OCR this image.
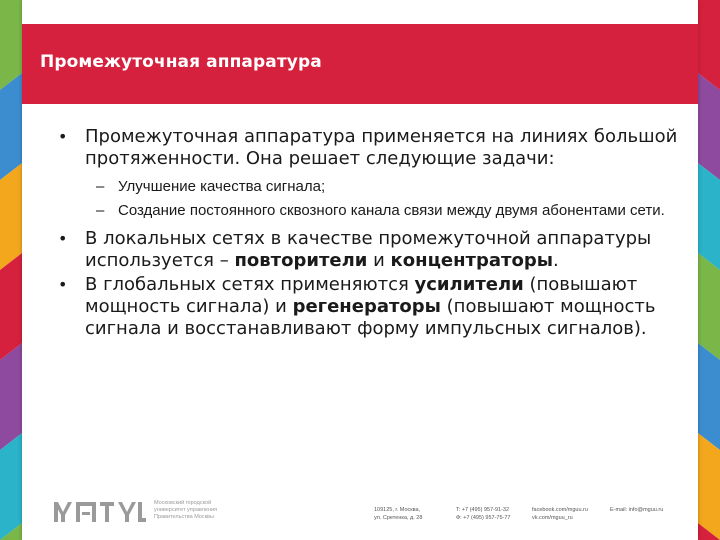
Промежуточная аппаратура
• Промежуточная аппаратура применяется на линиях большой протяженности. Она решает следующие задачи:
– Улучшение качества сигнала;
– Создание постоянного сквозного канала связи между двумя абонентами сети.
• В локальных сетях в качестве промежуточной аппаратуры используется – повторители и концентраторы.
• В глобальных сетях применяются усилители (повышают мощность сигнала) и регенераторы (повышают мощность сигнала и восстанавливают форму импульсных сигналов).
Московский городской университет управления Правительства Москвы
109125, г. Москва,
ул. Сретенка, д. 28
T: +7 (495) 957-91-32
Ф: +7 (495) 957-75-77
facebook.com/mguu.ru
vk.com/mguu_ru
E-mail: info@mguu.ru
